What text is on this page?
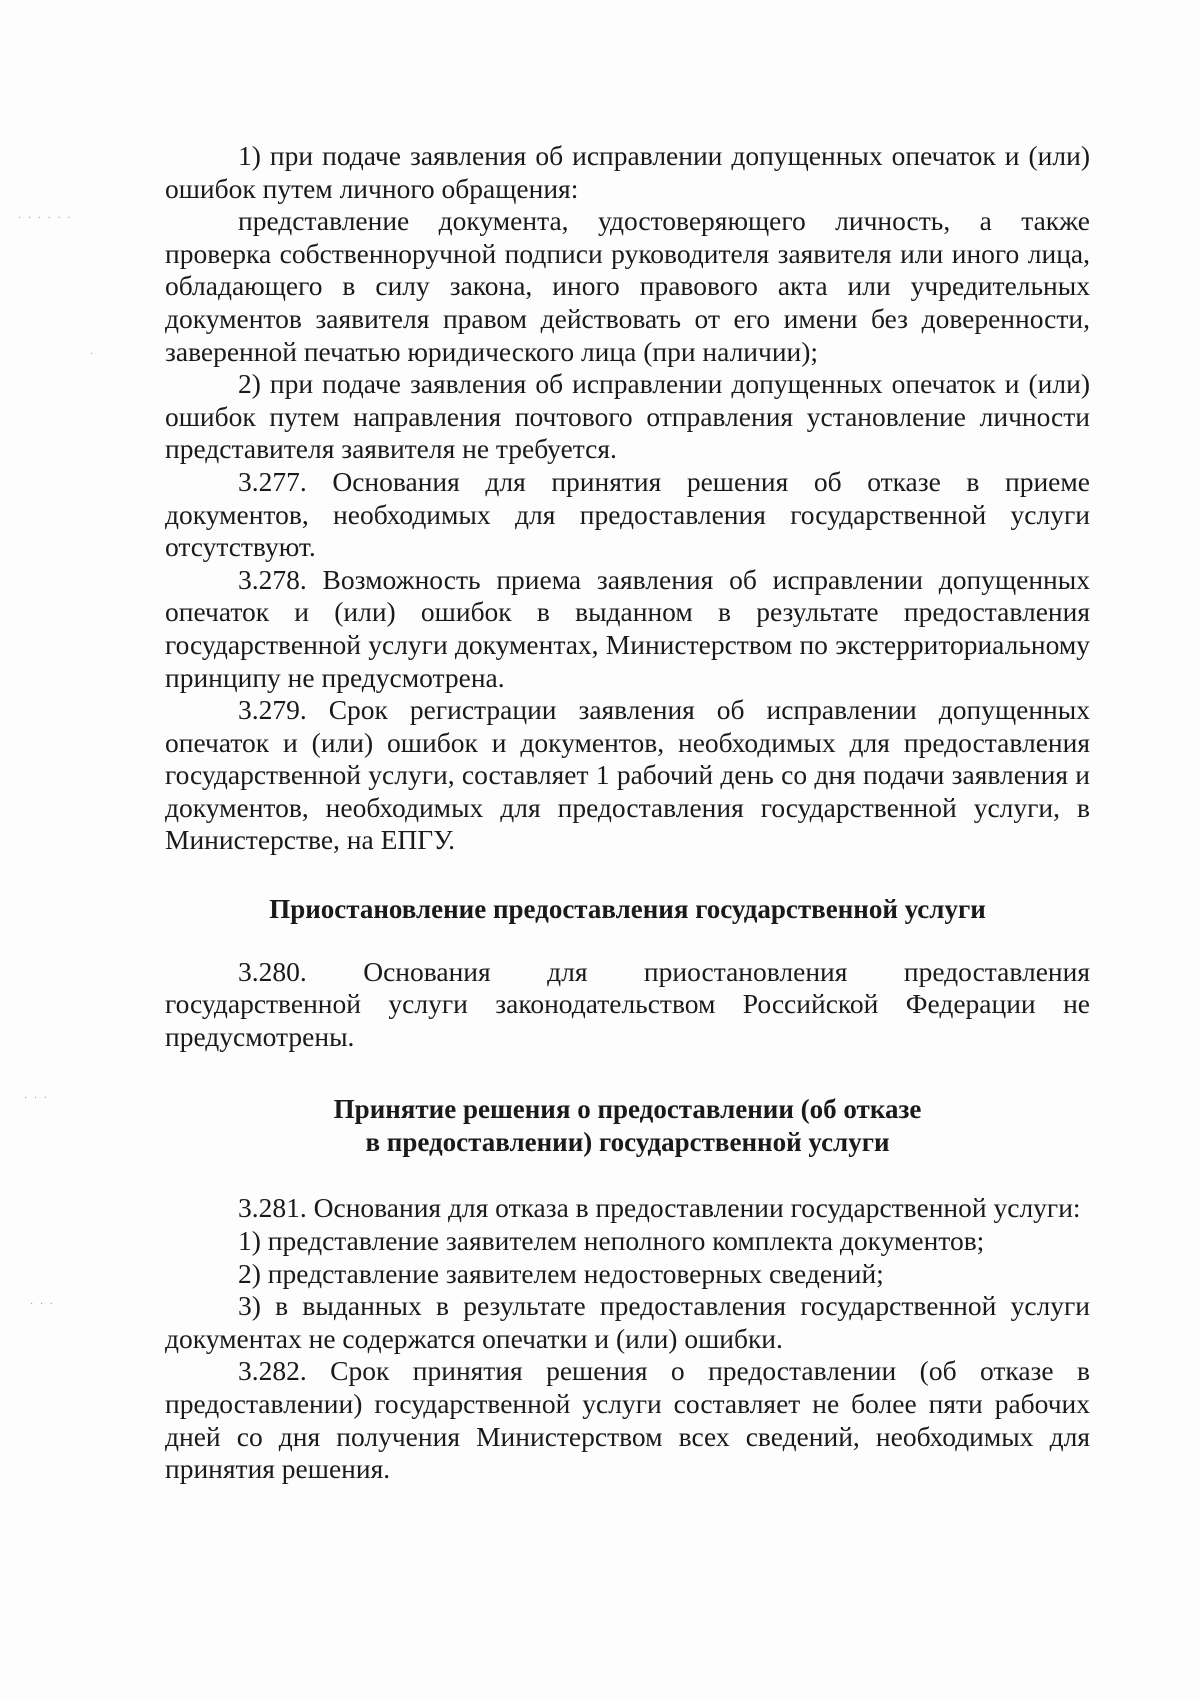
· · · · · ·
·
· · ·
· · ·

1) при подаче заявления об исправлении допущенных опечаток и (или) ошибок путем личного обращения:

представление документа, удостоверяющего личность, а также проверка собственноручной подписи руководителя заявителя или иного лица, обладающего в силу закона, иного правового акта или учредительных документов заявителя правом действовать от его имени без доверенности, заверенной печатью юридического лица (при наличии);

2) при подаче заявления об исправлении допущенных опечаток и (или) ошибок путем направления почтового отправления установление личности представителя заявителя не требуется.

3.277. Основания для принятия решения об отказе в приеме документов, необходимых для предоставления государственной услуги отсутствуют.

3.278. Возможность приема заявления об исправлении допущенных опечаток и (или) ошибок в выданном в результате предоставления государственной услуги документах, Министерством по экстерриториальному принципу не предусмотрена.

3.279. Срок регистрации заявления об исправлении допущенных опечаток и (или) ошибок и документов, необходимых для предоставления государственной услуги, составляет 1 рабочий день со дня подачи заявления и документов, необходимых для предоставления государственной услуги, в Министерстве, на ЕПГУ.

Приостановление предоставления государственной услуги

3.280. Основания для приостановления предоставления государственной услуги законодательством Российской Федерации не предусмотрены.

Принятие решения о предоставлении (об отказе

в предоставлении) государственной услуги

3.281. Основания для отказа в предоставлении государственной услуги:

1) представление заявителем неполного комплекта документов;

2) представление заявителем недостоверных сведений;

3) в выданных в результате предоставления государственной услуги документах не содержатся опечатки и (или) ошибки.

3.282. Срок принятия решения о предоставлении (об отказе в предоставлении) государственной услуги составляет не более пяти рабочих дней со дня получения Министерством всех сведений, необходимых для принятия решения.
